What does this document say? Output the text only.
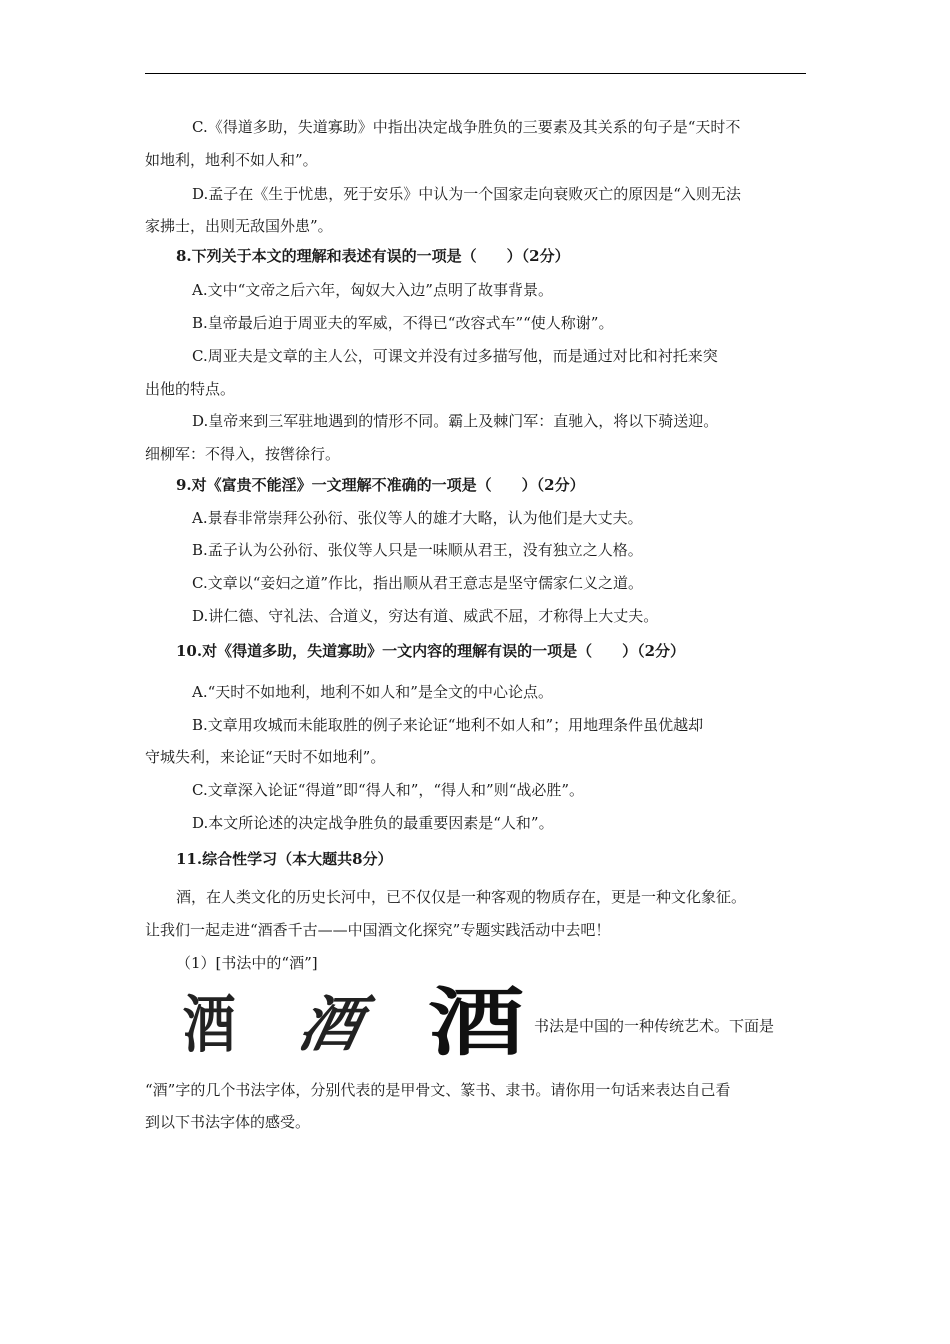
C.《得道多助，失道寡助》中指出决定战争胜负的三要素及其关系的句子是“天时不
如地利，地利不如人和”。
D.孟子在《生于忧患，死于安乐》中认为一个国家走向衰败灭亡的原因是“入则无法
家拂士，出则无敌国外患”。
8.下列关于本文的理解和表述有误的一项是（　　）（2分）
A.文中“文帝之后六年，匈奴大入边”点明了故事背景。
B.皇帝最后迫于周亚夫的军威，不得已“改容式车”“使人称谢”。
C.周亚夫是文章的主人公，可课文并没有过多描写他，而是通过对比和衬托来突
出他的特点。
D.皇帝来到三军驻地遇到的情形不同。霸上及棘门军：直驰入，将以下骑送迎。
细柳军：不得入，按辔徐行。
9.对《富贵不能淫》一文理解不准确的一项是（　　）（2分）
A.景春非常崇拜公孙衍、张仪等人的雄才大略，认为他们是大丈夫。
B.孟子认为公孙衍、张仪等人只是一味顺从君王，没有独立之人格。
C.文章以“妾妇之道”作比，指出顺从君王意志是坚守儒家仁义之道。
D.讲仁德、守礼法、合道义，穷达有道、威武不屈，才称得上大丈夫。
10.对《得道多助，失道寡助》一文内容的理解有误的一项是（　　）（2分）
A.“天时不如地利，地利不如人和”是全文的中心论点。
B.文章用攻城而未能取胜的例子来论证“地利不如人和”；用地理条件虽优越却
守城失利，来论证“天时不如地利”。
C.文章深入论证“得道”即“得人和”，“得人和”则“战必胜”。
D.本文所论述的决定战争胜负的最重要因素是“人和”。
11.综合性学习（本大题共8分）
酒，在人类文化的历史长河中，已不仅仅是一种客观的物质存在，更是一种文化象征。
让我们一起走进“酒香千古——中国酒文化探究”专题实践活动中去吧！
（1）[书法中的“酒”]
酒 酒 酒 书法是中国的一种传统艺术。下面是
“酒”字的几个书法字体，分别代表的是甲骨文、篆书、隶书。请你用一句话来表达自己看
到以下书法字体的感受。
